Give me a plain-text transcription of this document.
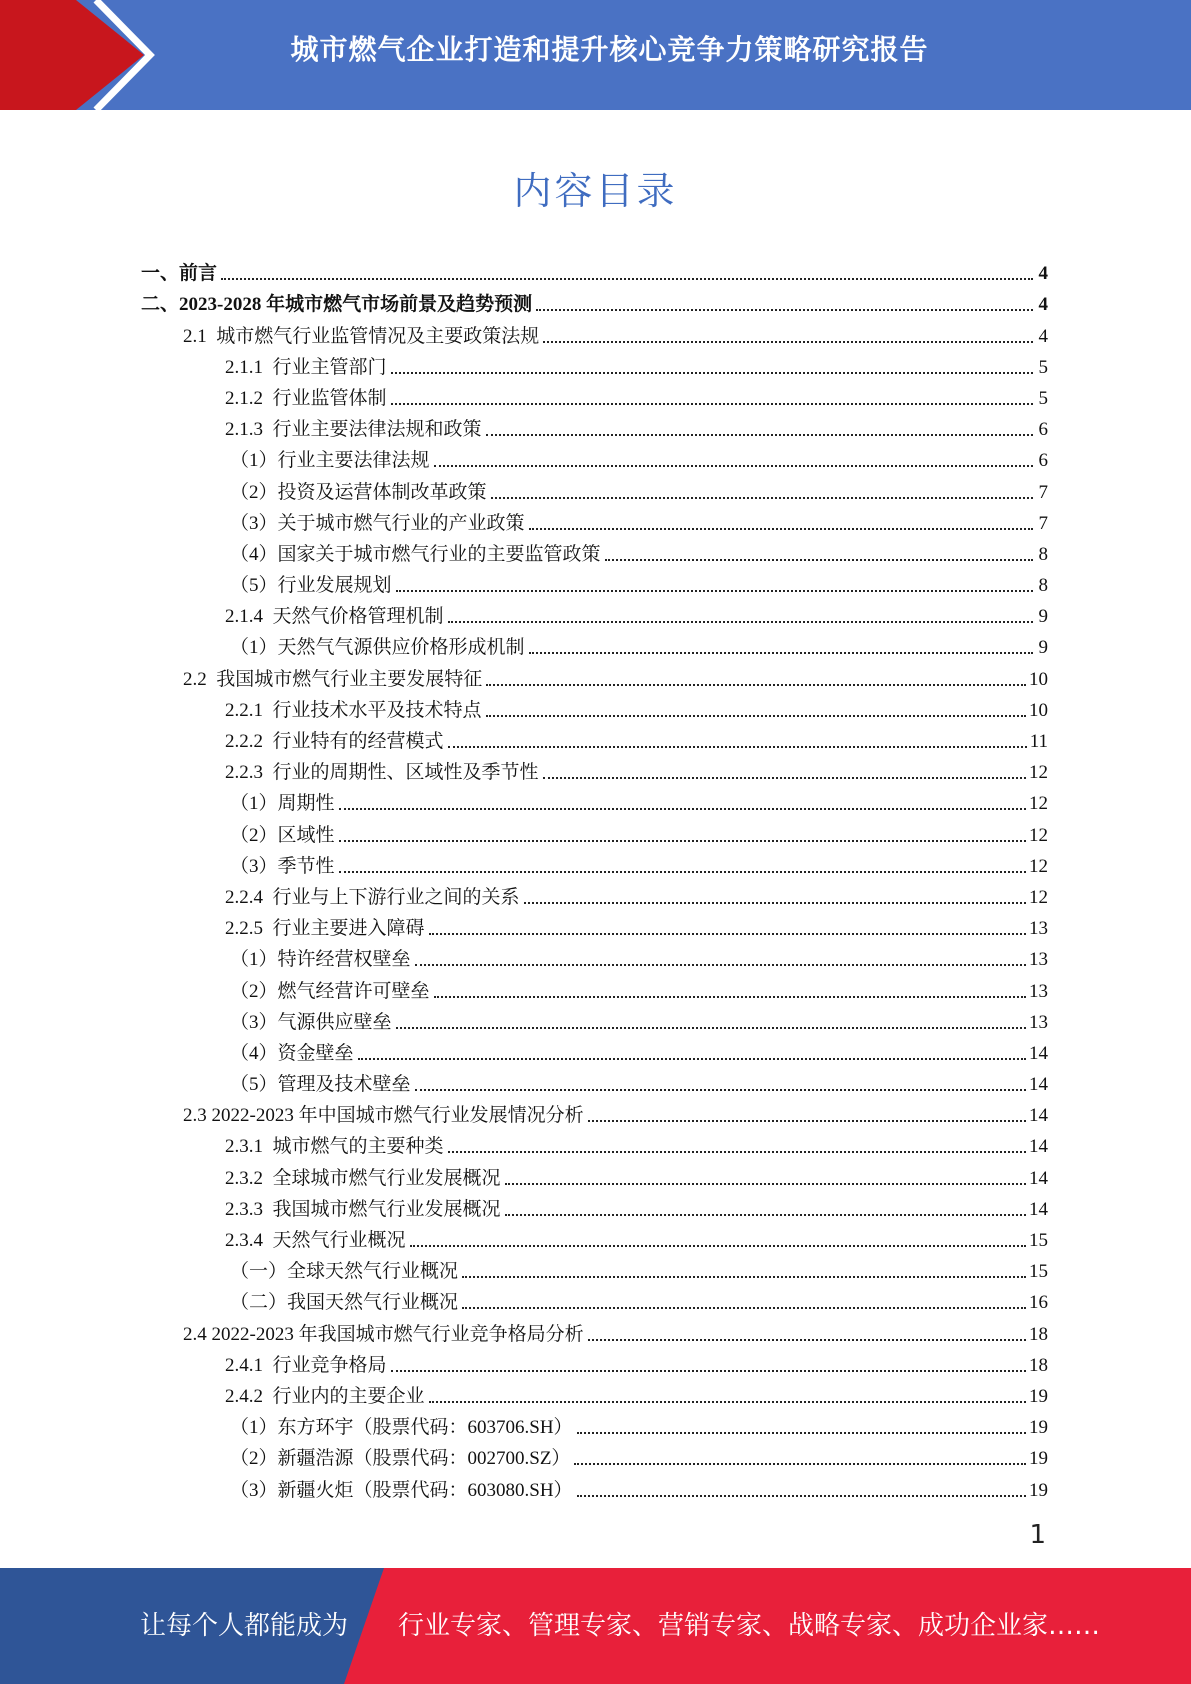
城市燃气企业打造和提升核心竞争力策略研究报告
内容目录
一、前言	4
二、2023-2028 年城市燃气市场前景及趋势预测	4
2.1  城市燃气行业监管情况及主要政策法规	4
2.1.1  行业主管部门	5
2.1.2  行业监管体制	5
2.1.3  行业主要法律法规和政策	6
（1）行业主要法律法规	6
（2）投资及运营体制改革政策	7
（3）关于城市燃气行业的产业政策	7
（4）国家关于城市燃气行业的主要监管政策	8
（5）行业发展规划	8
2.1.4  天然气价格管理机制	9
（1）天然气气源供应价格形成机制	9
2.2  我国城市燃气行业主要发展特征	10
2.2.1  行业技术水平及技术特点	10
2.2.2  行业特有的经营模式	11
2.2.3  行业的周期性、区域性及季节性	12
（1）周期性	12
（2）区域性	12
（3）季节性	12
2.2.4  行业与上下游行业之间的关系	12
2.2.5  行业主要进入障碍	13
（1）特许经营权壁垒	13
（2）燃气经营许可壁垒	13
（3）气源供应壁垒	13
（4）资金壁垒	14
（5）管理及技术壁垒	14
2.3 2022-2023 年中国城市燃气行业发展情况分析	14
2.3.1  城市燃气的主要种类	14
2.3.2  全球城市燃气行业发展概况	14
2.3.3  我国城市燃气行业发展概况	14
2.3.4  天然气行业概况	15
（一）全球天然气行业概况	15
（二）我国天然气行业概况	16
2.4 2022-2023 年我国城市燃气行业竞争格局分析	18
2.4.1  行业竞争格局	18
2.4.2  行业内的主要企业	19
（1）东方环宇（股票代码：603706.SH）	19
（2）新疆浩源（股票代码：002700.SZ）	19
（3）新疆火炬（股票代码：603080.SH）	19
1
让每个人都能成为 行业专家、管理专家、营销专家、战略专家、成功企业家……
